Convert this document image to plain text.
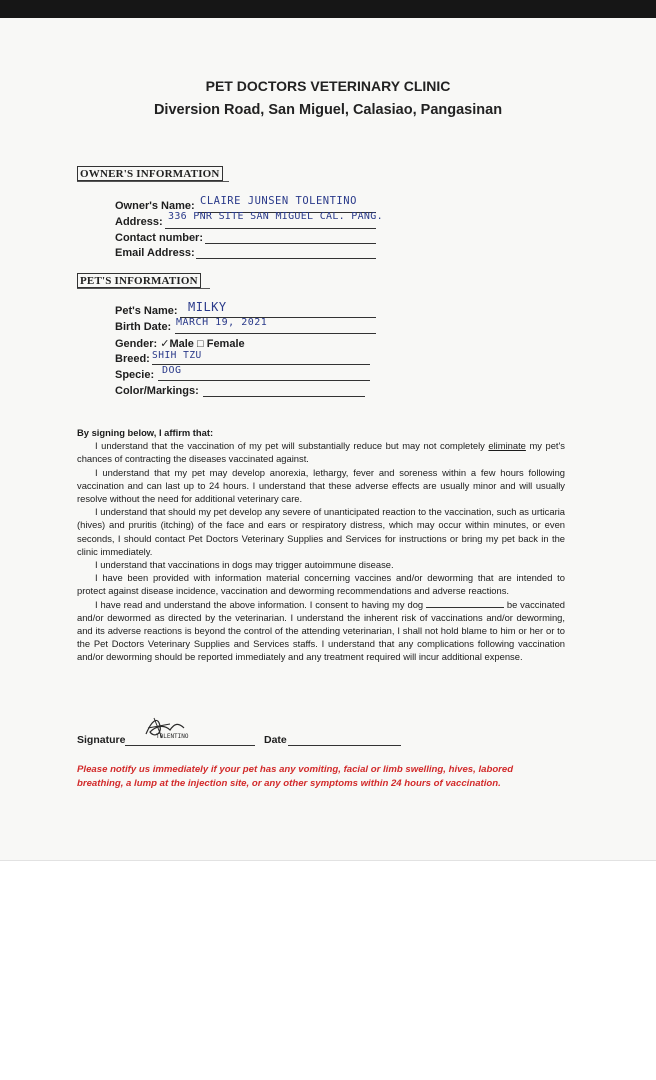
PET DOCTORS VETERINARY CLINIC
Diversion Road, San Miguel, Calasiao, Pangasinan
OWNER'S INFORMATION
Owner's Name: CLAIRE JUNSEN TOLENTINO
Address: 336 PNR SITE SAN MIGUEL CAL. PANG.
Contact number:
Email Address:
PET'S INFORMATION
Pet's Name: MILKY
Birth Date: MARCH 19, 2021
Gender: ✓Male □ Female
Breed: SHIH TZU
Specie: DOG
Color/Markings:

By signing below, I affirm that:

I understand that the vaccination of my pet will substantially reduce but may not completely eliminate my pet's chances of contracting the diseases vaccinated against.

I understand that my pet may develop anorexia, lethargy, fever and soreness within a few hours following vaccination and can last up to 24 hours. I understand that these adverse effects are usually minor and will usually resolve without the need for additional veterinary care.

I understand that should my pet develop any severe of unanticipated reaction to the vaccination, such as urticaria (hives) and pruritis (itching) of the face and ears or respiratory distress, which may occur within minutes, or even seconds, I should contact Pet Doctors Veterinary Supplies and Services for instructions or bring my pet back in the clinic immediately.

I understand that vaccinations in dogs may trigger autoimmune disease.

I have been provided with information material concerning vaccines and/or deworming that are intended to protect against disease incidence, vaccination and deworming recommendations and adverse reactions.

I have read and understand the above information. I consent to having my dog	be vaccinated and/or dewormed as directed by the veterinarian. I understand the inherent risk of vaccinations and/or deworming, and its adverse reactions is beyond the control of the attending veterinarian, I shall not hold blame to him or her or to the Pet Doctors Veterinary Supplies and Services staffs. I understand that any complications following vaccination and/or deworming should be reported immediately and any treatment required will incur additional expense.

Signature	TOLENTINO	Date
Please notify us immediately if your pet has any vomiting, facial or limb swelling, hives, labored breathing, a lump at the injection site, or any other symptoms within 24 hours of vaccination.
